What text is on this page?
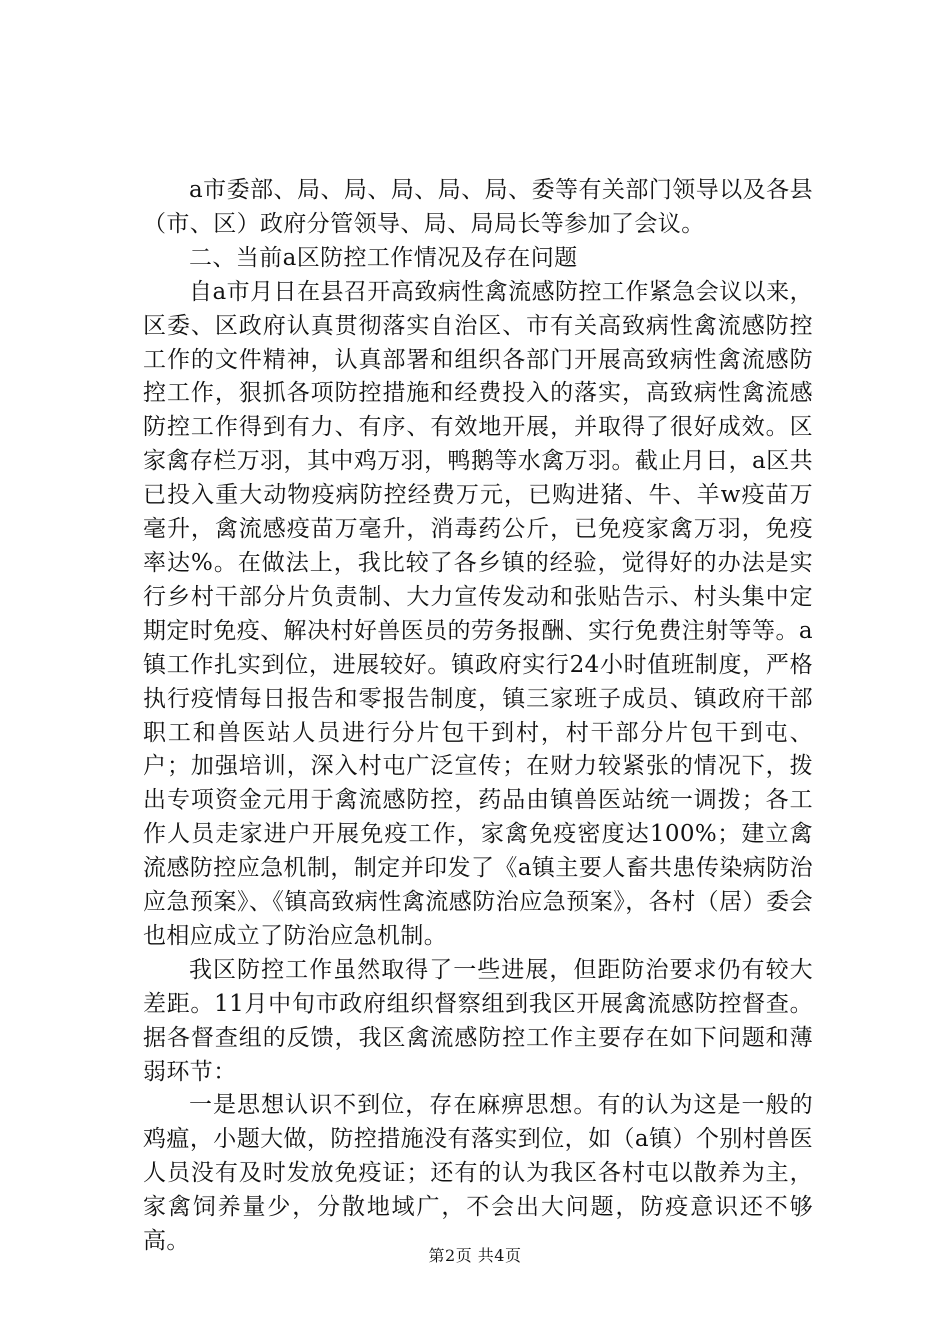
a市委部、局、局、局、局、局、委等有关部门领导以及各县（市、区）政府分管领导、局、局局长等参加了会议。

二、当前a区防控工作情况及存在问题

自a市月日在县召开高致病性禽流感防控工作紧急会议以来，区委、区政府认真贯彻落实自治区、市有关高致病性禽流感防控工作的文件精神，认真部署和组织各部门开展高致病性禽流感防控工作，狠抓各项防控措施和经费投入的落实，高致病性禽流感防控工作得到有力、有序、有效地开展，并取得了很好成效。区家禽存栏万羽，其中鸡万羽，鸭鹅等水禽万羽。截止月日，a区共已投入重大动物疫病防控经费万元，已购进猪、牛、羊w疫苗万毫升，禽流感疫苗万毫升，消毒药公斤，已免疫家禽万羽，免疫率达%。在做法上，我比较了各乡镇的经验，觉得好的办法是实行乡村干部分片负责制、大力宣传发动和张贴告示、村头集中定期定时免疫、解决村好兽医员的劳务报酬、实行免费注射等等。a镇工作扎实到位，进展较好。镇政府实行24小时值班制度，严格执行疫情每日报告和零报告制度，镇三家班子成员、镇政府干部职工和兽医站人员进行分片包干到村，村干部分片包干到屯、户；加强培训，深入村屯广泛宣传；在财力较紧张的情况下，拨出专项资金元用于禽流感防控，药品由镇兽医站统一调拨；各工作人员走家进户开展免疫工作，家禽免疫密度达100%；建立禽流感防控应急机制，制定并印发了《a镇主要人畜共患传染病防治应急预案》、《镇高致病性禽流感防治应急预案》，各村（居）委会也相应成立了防治应急机制。

我区防控工作虽然取得了一些进展，但距防治要求仍有较大差距。11月中旬市政府组织督察组到我区开展禽流感防控督查。据各督查组的反馈，我区禽流感防控工作主要存在如下问题和薄弱环节：

一是思想认识不到位，存在麻痹思想。有的认为这是一般的鸡瘟，小题大做，防控措施没有落实到位，如（a镇）个别村兽医人员没有及时发放免疫证；还有的认为我区各村屯以散养为主，家禽饲养量少，分散地域广，不会出大问题，防疫意识还不够高。

第2页 共4页
